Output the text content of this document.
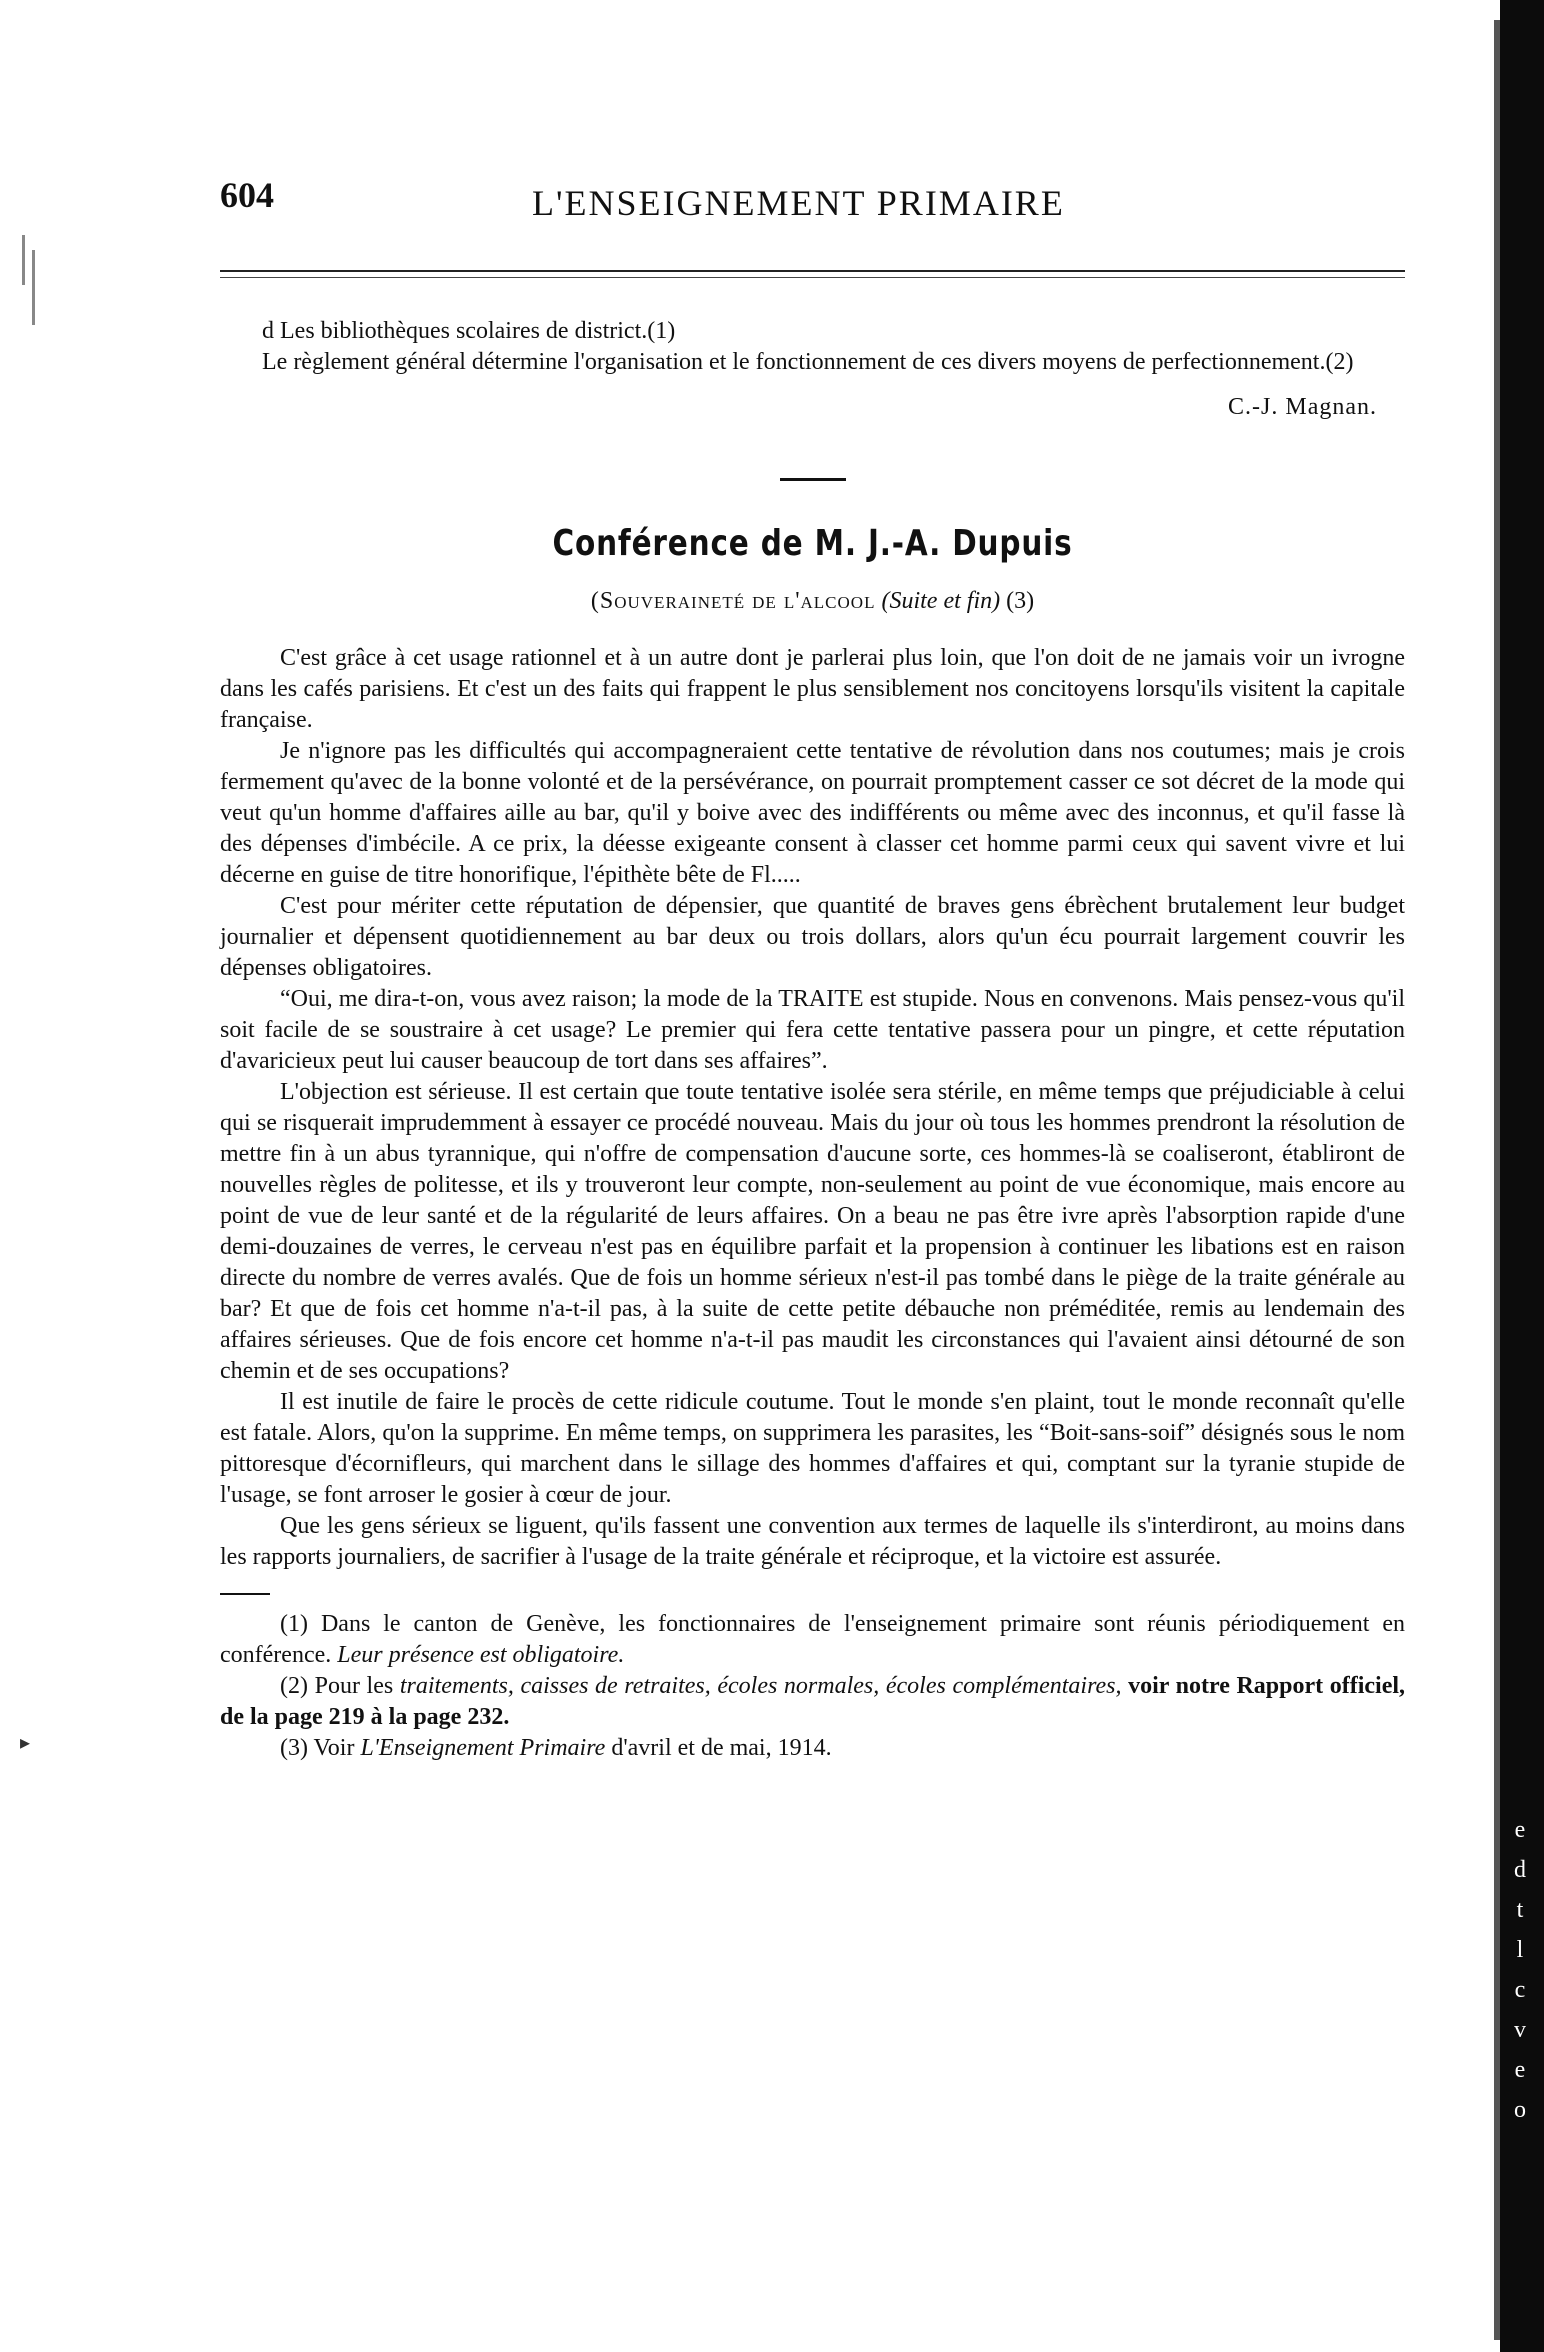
e
d
t
l
c
v
e
o
▸
604	L'ENSEIGNEMENT PRIMAIRE

d Les bibliothèques scolaires de district.(1)

Le règlement général détermine l'organisation et le fonctionnement de ces divers moyens de perfectionnement.(2)

C.-J. Magnan.

Conférence de M. J.-A. Dupuis
(Souveraineté de l'alcool (Suite et fin) (3)

C'est grâce à cet usage rationnel et à un autre dont je parlerai plus loin, que l'on doit de ne jamais voir un ivrogne dans les cafés parisiens. Et c'est un des faits qui frappent le plus sensiblement nos concitoyens lorsqu'ils visitent la capitale française.

Je n'ignore pas les difficultés qui accompagneraient cette tentative de révolution dans nos coutumes; mais je crois fermement qu'avec de la bonne volonté et de la persévérance, on pourrait promptement casser ce sot décret de la mode qui veut qu'un homme d'affaires aille au bar, qu'il y boive avec des indifférents ou même avec des inconnus, et qu'il fasse là des dépenses d'imbécile. A ce prix, la déesse exigeante consent à classer cet homme parmi ceux qui savent vivre et lui décerne en guise de titre honorifique, l'épithète bête de Fl.....

C'est pour mériter cette réputation de dépensier, que quantité de braves gens ébrèchent brutalement leur budget journalier et dépensent quotidiennement au bar deux ou trois dollars, alors qu'un écu pourrait largement couvrir les dépenses obligatoires.

“Oui, me dira-t-on, vous avez raison; la mode de la TRAITE est stupide. Nous en convenons. Mais pensez-vous qu'il soit facile de se soustraire à cet usage? Le premier qui fera cette tentative passera pour un pingre, et cette réputation d'avaricieux peut lui causer beaucoup de tort dans ses affaires”.

L'objection est sérieuse. Il est certain que toute tentative isolée sera stérile, en même temps que préjudiciable à celui qui se risquerait imprudemment à essayer ce procédé nouveau. Mais du jour où tous les hommes prendront la résolution de mettre fin à un abus tyrannique, qui n'offre de compensation d'aucune sorte, ces hommes-là se coaliseront, établiront de nouvelles règles de politesse, et ils y trouveront leur compte, non-seulement au point de vue économique, mais encore au point de vue de leur santé et de la régularité de leurs affaires. On a beau ne pas être ivre après l'absorption rapide d'une demi-douzaines de verres, le cerveau n'est pas en équilibre parfait et la propension à continuer les libations est en raison directe du nombre de verres avalés. Que de fois un homme sérieux n'est-il pas tombé dans le piège de la traite générale au bar? Et que de fois cet homme n'a-t-il pas, à la suite de cette petite débauche non préméditée, remis au lendemain des affaires sérieuses. Que de fois encore cet homme n'a-t-il pas maudit les circonstances qui l'avaient ainsi détourné de son chemin et de ses occupations?

Il est inutile de faire le procès de cette ridicule coutume. Tout le monde s'en plaint, tout le monde reconnaît qu'elle est fatale. Alors, qu'on la supprime. En même temps, on supprimera les parasites, les “Boit-sans-soif” désignés sous le nom pittoresque d'écornifleurs, qui marchent dans le sillage des hommes d'affaires et qui, comptant sur la tyranie stupide de l'usage, se font arroser le gosier à cœur de jour.

Que les gens sérieux se liguent, qu'ils fassent une convention aux termes de laquelle ils s'interdiront, au moins dans les rapports journaliers, de sacrifier à l'usage de la traite générale et réciproque, et la victoire est assurée.

(1) Dans le canton de Genève, les fonctionnaires de l'enseignement primaire sont réunis périodiquement en conférence. Leur présence est obligatoire.

(2) Pour les traitements, caisses de retraites, écoles normales, écoles complémentaires, voir notre Rapport officiel, de la page 219 à la page 232.

(3) Voir L'Enseignement Primaire d'avril et de mai, 1914.
